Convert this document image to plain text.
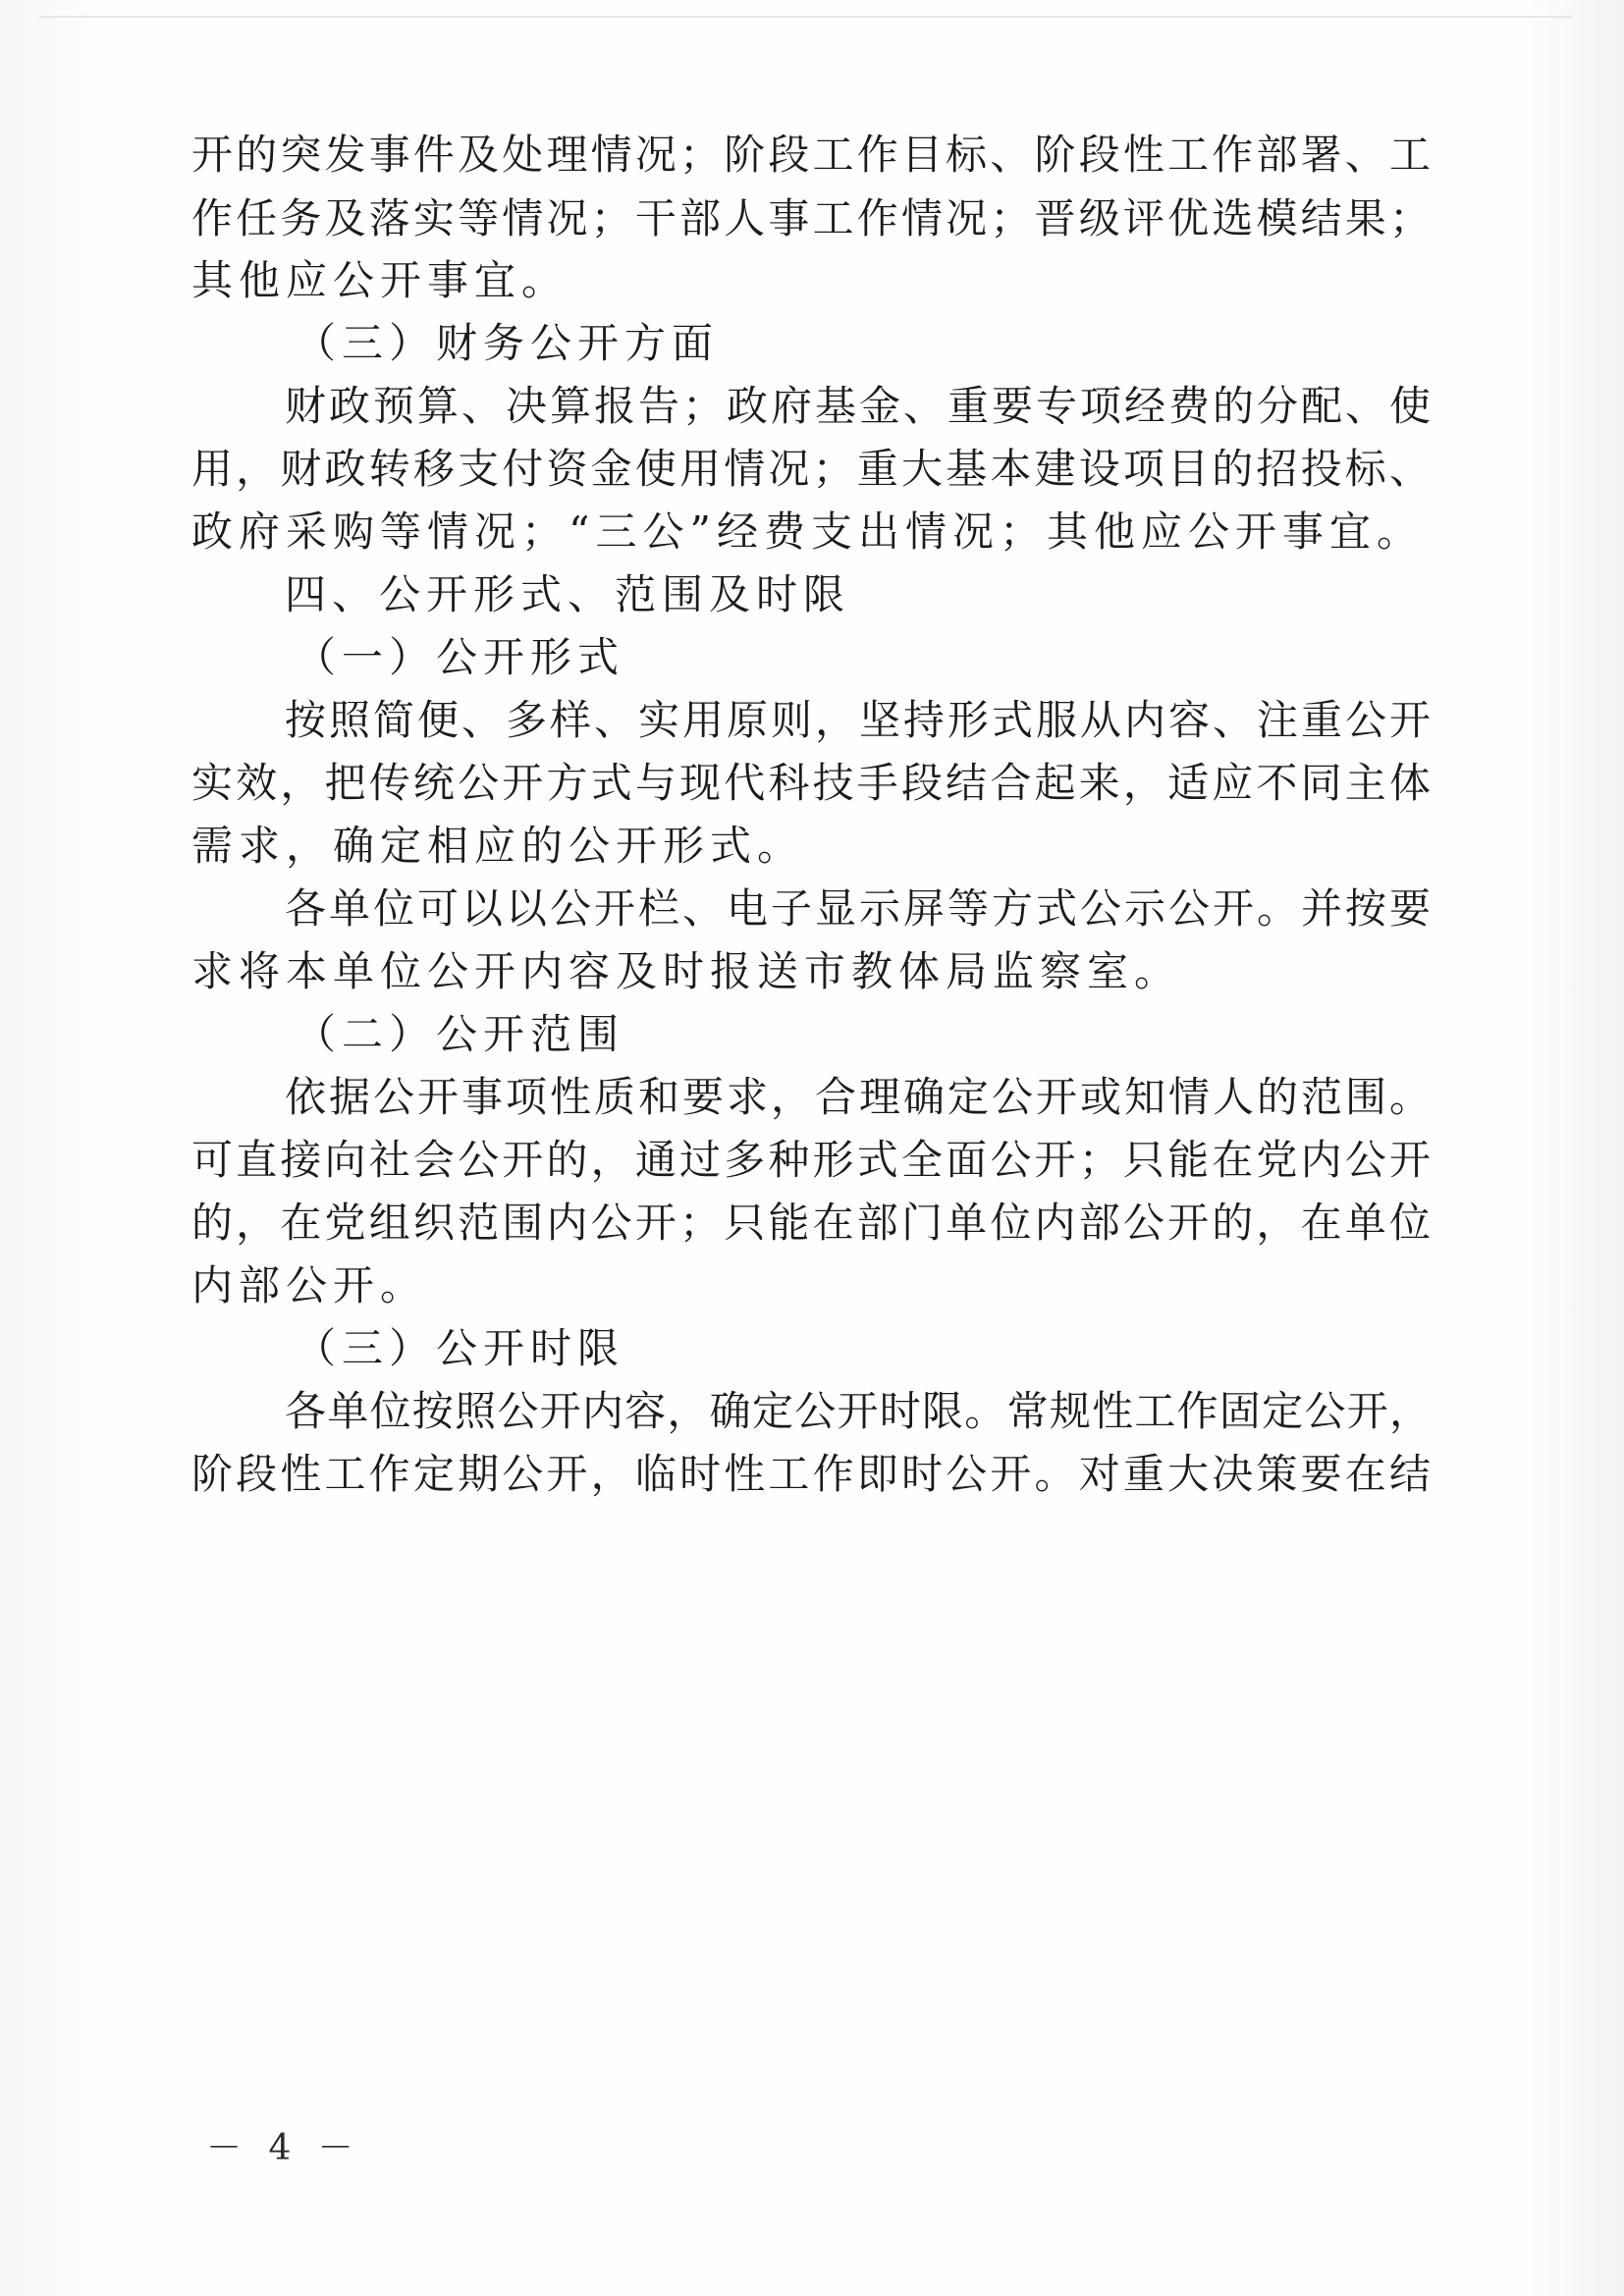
开的突发事件及处理情况；阶段工作目标、阶段性工作部署、工
作任务及落实等情况；干部人事工作情况；晋级评优选模结果；
其他应公开事宜。
（三）财务公开方面
财政预算、决算报告；政府基金、重要专项经费的分配、使
用，财政转移支付资金使用情况；重大基本建设项目的招投标、
政府采购等情况；“三公”经费支出情况；其他应公开事宜。
四、公开形式、范围及时限
（一）公开形式
按照简便、多样、实用原则，坚持形式服从内容、注重公开
实效，把传统公开方式与现代科技手段结合起来，适应不同主体
需求，确定相应的公开形式。
各单位可以以公开栏、电子显示屏等方式公示公开。并按要
求将本单位公开内容及时报送市教体局监察室。
（二）公开范围
依据公开事项性质和要求，合理确定公开或知情人的范围。
可直接向社会公开的，通过多种形式全面公开；只能在党内公开
的，在党组织范围内公开；只能在部门单位内部公开的，在单位
内部公开。
（三）公开时限
各单位按照公开内容，确定公开时限。常规性工作固定公开，
阶段性工作定期公开，临时性工作即时公开。对重大决策要在结
－ 4 －
